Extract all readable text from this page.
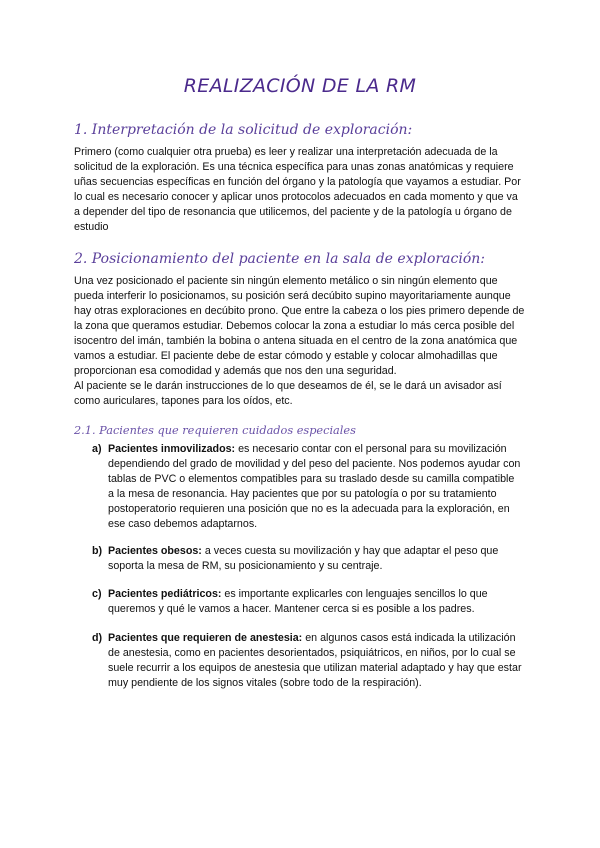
REALIZACIÓN DE LA RM
1. Interpretación de la solicitud de exploración:
Primero (como cualquier otra prueba) es leer y realizar una interpretación adecuada de la solicitud de la exploración. Es una técnica específica para unas zonas anatómicas y requiere uñas secuencias específicas en función del órgano y la patología que vayamos a estudiar. Por lo cual es necesario conocer y aplicar unos protocolos adecuados en cada momento y que va a depender del tipo de resonancia que utilicemos, del paciente y de la patología u órgano de estudio
2. Posicionamiento del paciente en la sala de exploración:
Una vez posicionado el paciente sin ningún elemento metálico o sin ningún elemento que pueda interferir lo posicionamos, su posición será decúbito supino mayoritariamente aunque hay otras exploraciones en decúbito prono. Que entre la cabeza o los pies primero depende de la zona que queramos estudiar. Debemos colocar la zona a estudiar lo más cerca posible del isocentro del imán, también la bobina o antena situada en el centro de la zona anatómica que vamos a estudiar. El paciente debe de estar cómodo y estable y colocar almohadillas que proporcionan esa comodidad y además que nos den una seguridad.
Al paciente se le darán instrucciones de lo que deseamos de él, se le dará un avisador así como auriculares, tapones para los oídos, etc.
2.1. Pacientes que requieren cuidados especiales
a) Pacientes inmovilizados: es necesario contar con el personal para su movilización dependiendo del grado de movilidad y del peso del paciente. Nos podemos ayudar con tablas de PVC o elementos compatibles para su traslado desde su camilla compatible a la mesa de resonancia. Hay pacientes que por su patología o por su tratamiento postoperatorio requieren una posición que no es la adecuada para la exploración, en ese caso debemos adaptarnos.
b) Pacientes obesos: a veces cuesta su movilización y hay que adaptar el peso que soporta la mesa de RM, su posicionamiento y su centraje.
c) Pacientes pediátricos: es importante explicarles con lenguajes sencillos lo que queremos y qué le vamos a hacer. Mantener cerca si es posible a los padres.
d) Pacientes que requieren de anestesia: en algunos casos está indicada la utilización de anestesia, como en pacientes desorientados, psiquiátricos, en niños, por lo cual se suele recurrir a los equipos de anestesia que utilizan material adaptado y hay que estar muy pendiente de los signos vitales (sobre todo de la respiración).
